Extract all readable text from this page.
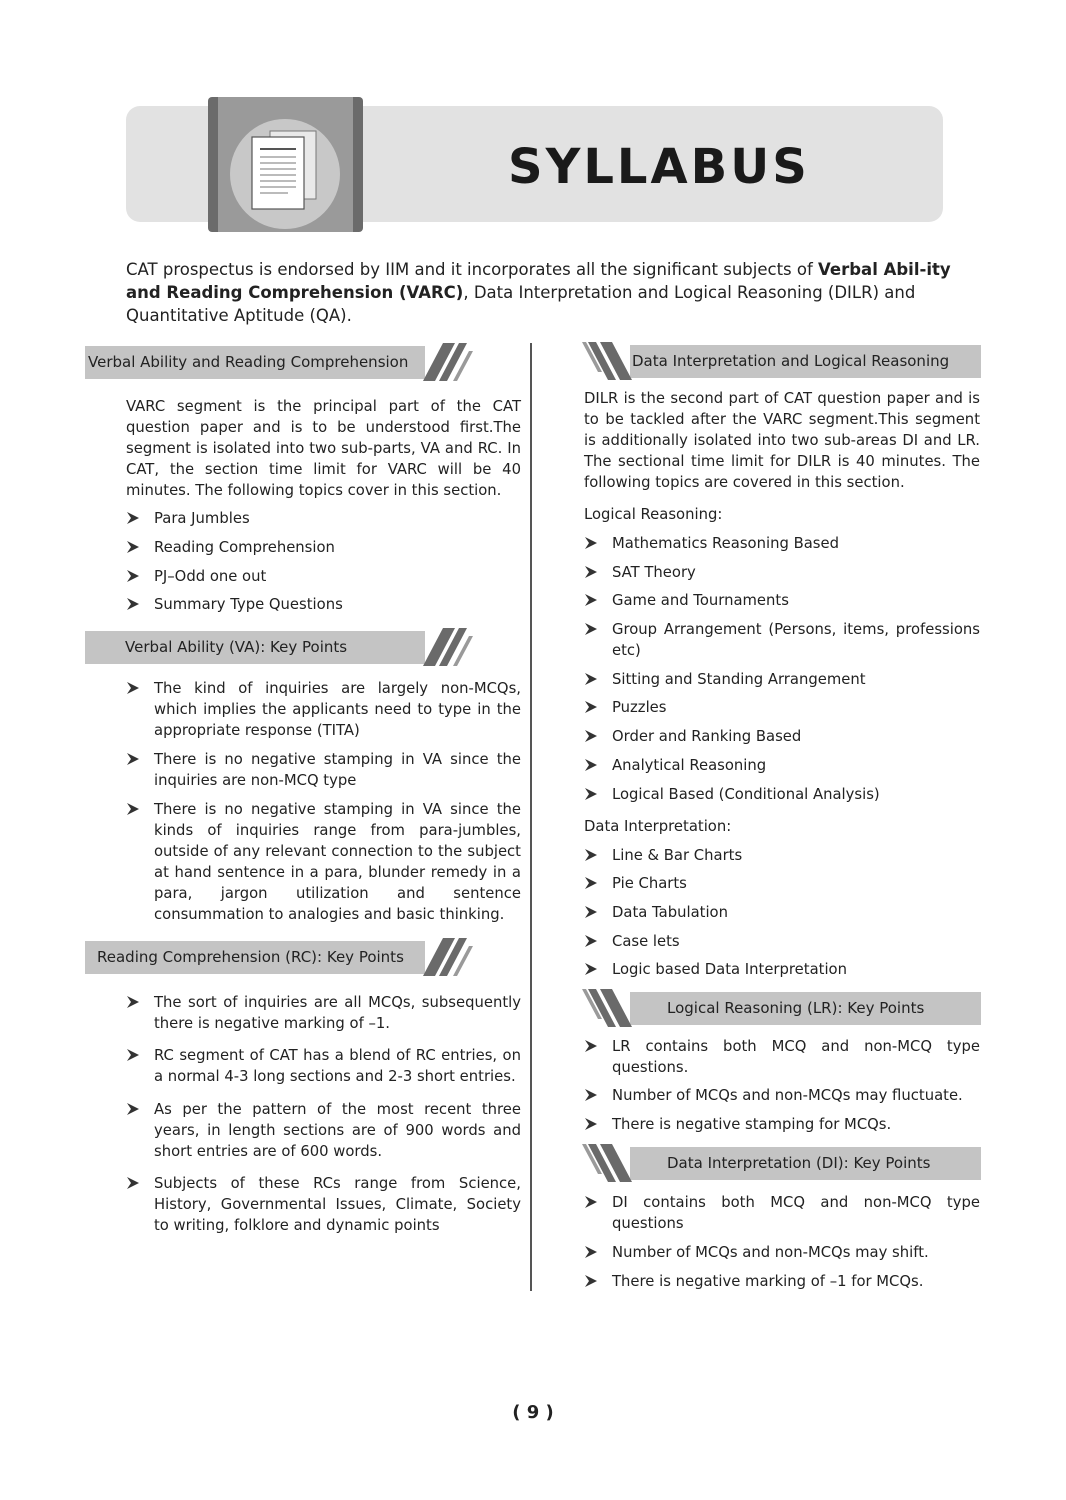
SYLLABUS
CAT prospectus is endorsed by IIM and it incorporates all the significant subjects of Verbal Abil-ity and Reading Comprehension (VARC), Data Interpretation and Logical Reasoning (DILR) and Quantitative Aptitude (QA).
Verbal Ability and Reading Comprehension
VARC segment is the principal part of the CAT question paper and is to be understood first.The segment is isolated into two sub-parts, VA and RC. In CAT, the section time limit for VARC will be 40 minutes. The following topics cover in this section.
Para Jumbles
Reading Comprehension
PJ–Odd one out
Summary Type Questions
Verbal Ability (VA): Key Points
The kind of inquiries are largely non-MCQs, which implies the applicants need to type in the appropriate response (TITA)
There is no negative stamping in VA since the inquiries are non-MCQ type
There is no negative stamping in VA since the kinds of inquiries range from para-jumbles, outside of any relevant connection to the subject at hand sentence in a para, blunder remedy in a para, jargon utilization and sentence consummation to analogies and basic thinking.
Reading Comprehension (RC): Key Points
The sort of inquiries are all MCQs, subsequently there is negative marking of –1.
RC segment of CAT has a blend of RC entries, on a normal 4-3 long sections and 2-3 short entries.
As per the pattern of the most recent three years, in length sections are of 900 words and short entries are of 600 words.
Subjects of these RCs range from Science, History, Governmental Issues, Climate, Society to writing, folklore and dynamic points
Data Interpretation and Logical Reasoning
DILR is the second part of CAT question paper and is to be tackled after the VARC segment.This segment is additionally isolated into two sub-areas DI and LR. The sectional time limit for DILR is 40 minutes. The following topics are covered in this section.
Logical Reasoning:
Mathematics Reasoning Based
SAT Theory
Game and Tournaments
Group Arrangement (Persons, items, professions etc)
Sitting and Standing Arrangement
Puzzles
Order and Ranking Based
Analytical Reasoning
Logical Based (Conditional Analysis)
Data Interpretation:
Line & Bar Charts
Pie Charts
Data Tabulation
Case lets
Logic based Data Interpretation
Logical Reasoning (LR): Key Points
LR contains both MCQ and non-MCQ type questions.
Number of MCQs and non-MCQs may fluctuate.
There is negative stamping for MCQs.
Data Interpretation (DI): Key Points
DI contains both MCQ and non-MCQ type questions
Number of MCQs and non-MCQs may shift.
There is negative marking of –1 for MCQs.
( 9 )
